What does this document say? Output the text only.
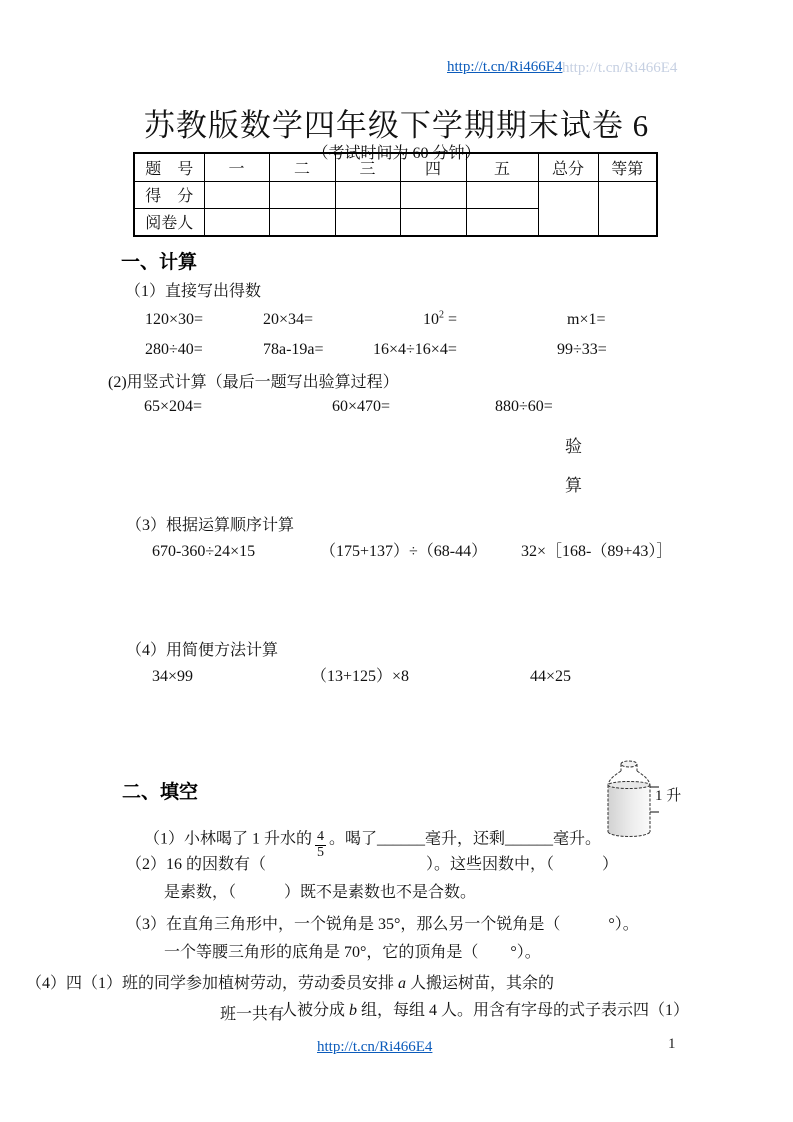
http://t.cn/Ri466E4 http://t.cn/Ri466E4
苏教版数学四年级下学期期末试卷 6
（考试时间为 60 分钟）
题　号	一	二	三	四	五	总分	等第
得　分							
阅卷人							
一、计算
（1）直接写出得数
120×30=	20×34=	$10^2$ =	m×1=
280÷40=	78a-19a=	16×4÷16×4=	99÷33=
(2)用竖式计算（最后一题写出验算过程）
65×204=	60×470=	880÷60=
验
算
（3）根据运算顺序计算
670-360÷24×15	（175+137）÷（68-44） 32×［168-（89+43）］
（4）用简便方法计算
34×99	（13+125）×8	44×25
二、填空	1 升

（1）小林喝了 1 升水的 $\frac{4}{5}$ 。喝了______毫升，还剩______毫升。

（2）16 的因数有（　　　　　　　　　　）。这些因数中，（　　　）
是素数，（　　　）既不是素数也不是合数。
（3）在直角三角形中，一个锐角是 35°，那么另一个锐角是（　　　°）。
一个等腰三角形的底角是 70°，它的顶角是（　　°）。

（4）四（1）班的同学参加植树劳动，劳动委员安排 a 人搬运树苗，其余的

人被分成 b 组，每组 4 人。用含有字母的式子表示四（1）

班一共有
http://t.cn/Ri466E4	1
